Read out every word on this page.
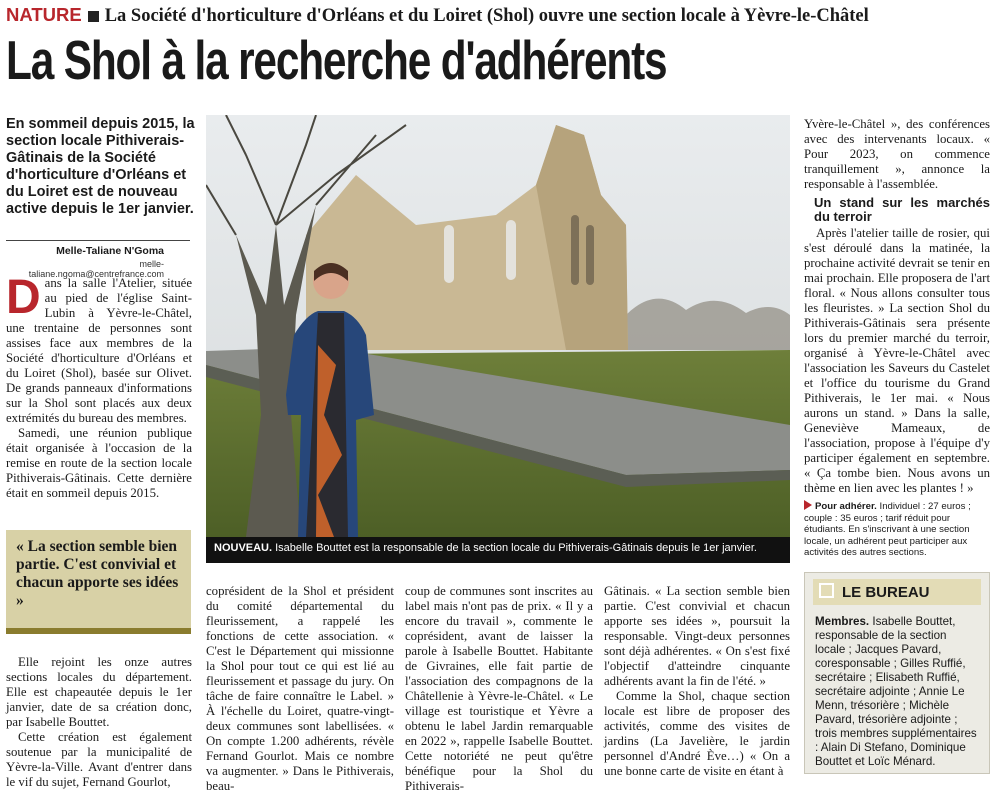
NATURE La Société d'horticulture d'Orléans et du Loiret (Shol) ouvre une section locale à Yèvre-le-Châtel
La Shol à la recherche d'adhérents
En sommeil depuis 2015, la section locale Pithiverais-Gâtinais de la Société d'horticulture d'Orléans et du Loiret est de nouveau active depuis le 1er janvier.
Melle-Taliane N'Goma
melle-taliane.ngoma@centrefrance.com

Dans la salle l'Atelier, située au pied de l'église Saint-Lubin à Yèvre-le-Châtel, une trentaine de personnes sont assises face aux membres de la Société d'horticulture d'Orléans et du Loiret (Shol), basée sur Olivet. De grands panneaux d'informations sur la Shol sont placés aux deux extrémités du bureau des membres.

Samedi, une réunion publique était organisée à l'occasion de la remise en route de la section locale Pithiverais-Gâtinais. Cette dernière était en sommeil depuis 2015.

« La section semble bien partie. C'est convivial et chacun apporte ses idées »

Elle rejoint les onze autres sections locales du département. Elle est chapeautée depuis le 1er janvier, date de sa création donc, par Isabelle Bouttet.

Cette création est également soutenue par la municipalité de Yèvre-la-Ville. Avant d'entrer dans le vif du sujet, Fernand Gourlot,

NOUVEAU. Isabelle Bouttet est la responsable de la section locale du Pithiverais-Gâtinais depuis le 1er janvier.

coprésident de la Shol et président du comité départemental du fleurissement, a rappelé les fonctions de cette association. « C'est le Département qui missionne la Shol pour tout ce qui est lié au fleurissement et passage du jury. On tâche de faire connaître le Label. » À l'échelle du Loiret, quatre-vingt-deux communes sont labellisées. « On compte 1.200 adhérents, révèle Fernand Gourlot. Mais ce nombre va augmenter. » Dans le Pithiverais, beau-

coup de communes sont inscrites au label mais n'ont pas de prix. « Il y a encore du travail », commente le coprésident, avant de laisser la parole à Isabelle Bouttet. Habitante de Givraines, elle fait partie de l'association des compagnons de la Châtellenie à Yèvre-le-Châtel. « Le village est touristique et Yèvre a obtenu le label Jardin remarquable en 2022 », rappelle Isabelle Bouttet. Cette notoriété ne peut qu'être bénéfique pour la Shol du Pithiverais-

Gâtinais. « La section semble bien partie. C'est convivial et chacun apporte ses idées », poursuit la responsable. Vingt-deux personnes sont déjà adhérentes. « On s'est fixé l'objectif d'atteindre cinquante adhérents avant la fin de l'été. »

Comme la Shol, chaque section locale est libre de proposer des activités, comme des visites de jardins (La Javelière, le jardin personnel d'André Ève…) « On a une bonne carte de visite en étant à

Yvère-le-Châtel », des conférences avec des intervenants locaux. « Pour 2023, on commence tranquillement », annonce la responsable à l'assemblée.

Un stand sur les marchés du terroir

Après l'atelier taille de rosier, qui s'est déroulé dans la matinée, la prochaine activité devrait se tenir en mai prochain. Elle proposera de l'art floral. « Nous allons consulter tous les fleuristes. » La section Shol du Pithiverais-Gâtinais sera présente lors du premier marché du terroir, organisé à Yèvre-le-Châtel avec l'association les Saveurs du Castelet et l'office du tourisme du Grand Pithiverais, le 1er mai. « Nous aurons un stand. » Dans la salle, Geneviève Mameaux, de l'association, propose à l'équipe d'y participer également en septembre. « Ça tombe bien. Nous avons un thème en lien avec les plantes ! »

Pour adhérer. Individuel : 27 euros ; couple : 35 euros ; tarif réduit pour étudiants. En s'inscrivant à une section locale, un adhérent peut participer aux activités des autres sections.
LE BUREAU
Membres. Isabelle Bouttet, responsable de la section locale ; Jacques Pavard, coresponsable ; Gilles Ruffié, secrétaire ; Elisabeth Ruffié, secrétaire adjointe ; Annie Le Menn, trésorière ; Michèle Pavard, trésorière adjointe ; trois membres supplémentaires : Alain Di Stefano, Dominique Bouttet et Loïc Ménard.
